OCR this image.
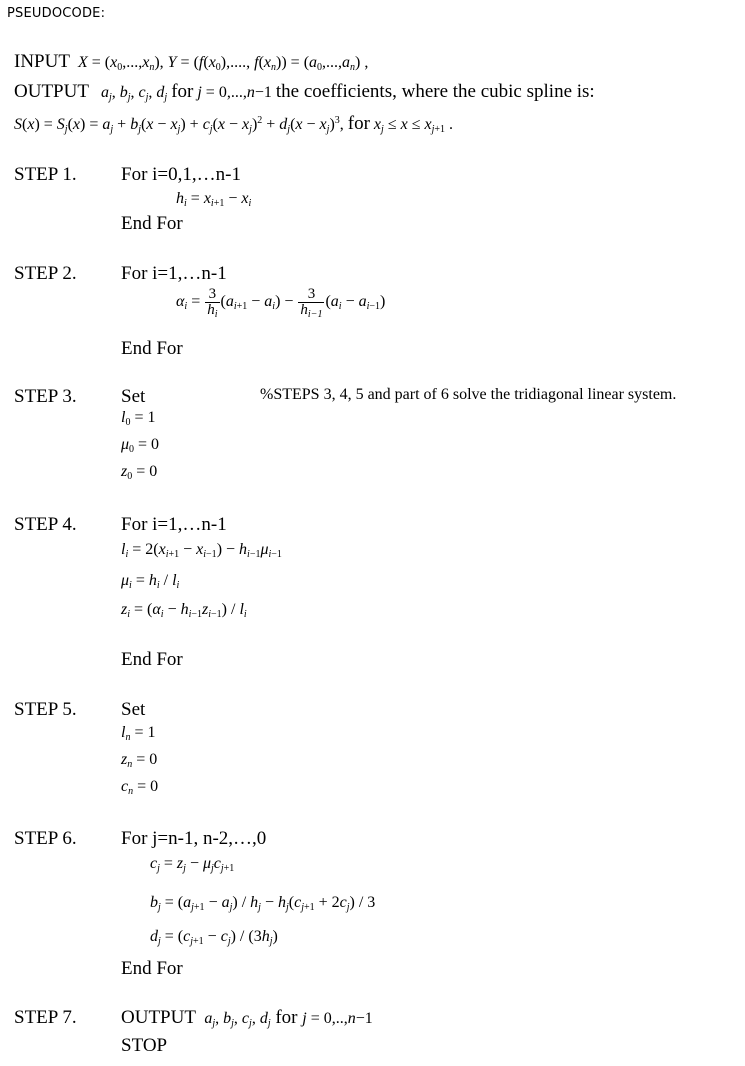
PSEUDOCODE:
INPUT $X = (x_0,...,x_n)$, $Y = (f(x_0)$,...., $f(x_n)) = (a_0,...,a_n)$ ,
OUTPUT $a_j$, $b_j$, $c_j$, $d_j$ for j = 0,...,n−1 the coefficients, where the cubic spline is:
$S(x) = S_j(x) = a_j + b_j(x - x_j) + c_j(x - x_j)^2 + d_j(x - x_j)^3$, for $x_j \le x \le x_{j+1}$ .
STEP 1. For i=0,1,…n-1
$h_i = x_{i+1} - x_i$
End For
STEP 2. For i=1,…n-1
$\alpha_i = \frac{3}{h_i} (a_{i+1} - a_i) - \frac{3}{h_{i-1}} (a_i - a_{i-1})$
End For
STEP 3. Set	%STEPS 3, 4, 5 and part of 6 solve the tridiagonal linear system.
$l_0 = 1$
$\mu_0 = 0$
$z_0 = 0$
STEP 4. For i=1,…n-1
$l_i = 2(x_{i+1} - x_{i-1}) - h_{i-1}\mu_{i-1}$
$\mu_i = h_i / l_i$
$z_i = (\alpha_i - h_{i-1}z_{i-1}) / l_i$
End For
STEP 5. Set
$l_n = 1$
$z_n = 0$
$c_n = 0$
STEP 6. For j=n-1, n-2,…,0
$c_j = z_j - \mu_jc_{j+1}$
$b_j = (a_{j+1} - a_j) / h_j - h_j(c_{j+1} + 2c_j) / 3$
$d_j = (c_{j+1} - c_j) / (3h_j)$
End For
STEP 7. OUTPUT $a_j$, $b_j$, $c_j$, $d_j$ for j = 0,..,n−1
STOP
